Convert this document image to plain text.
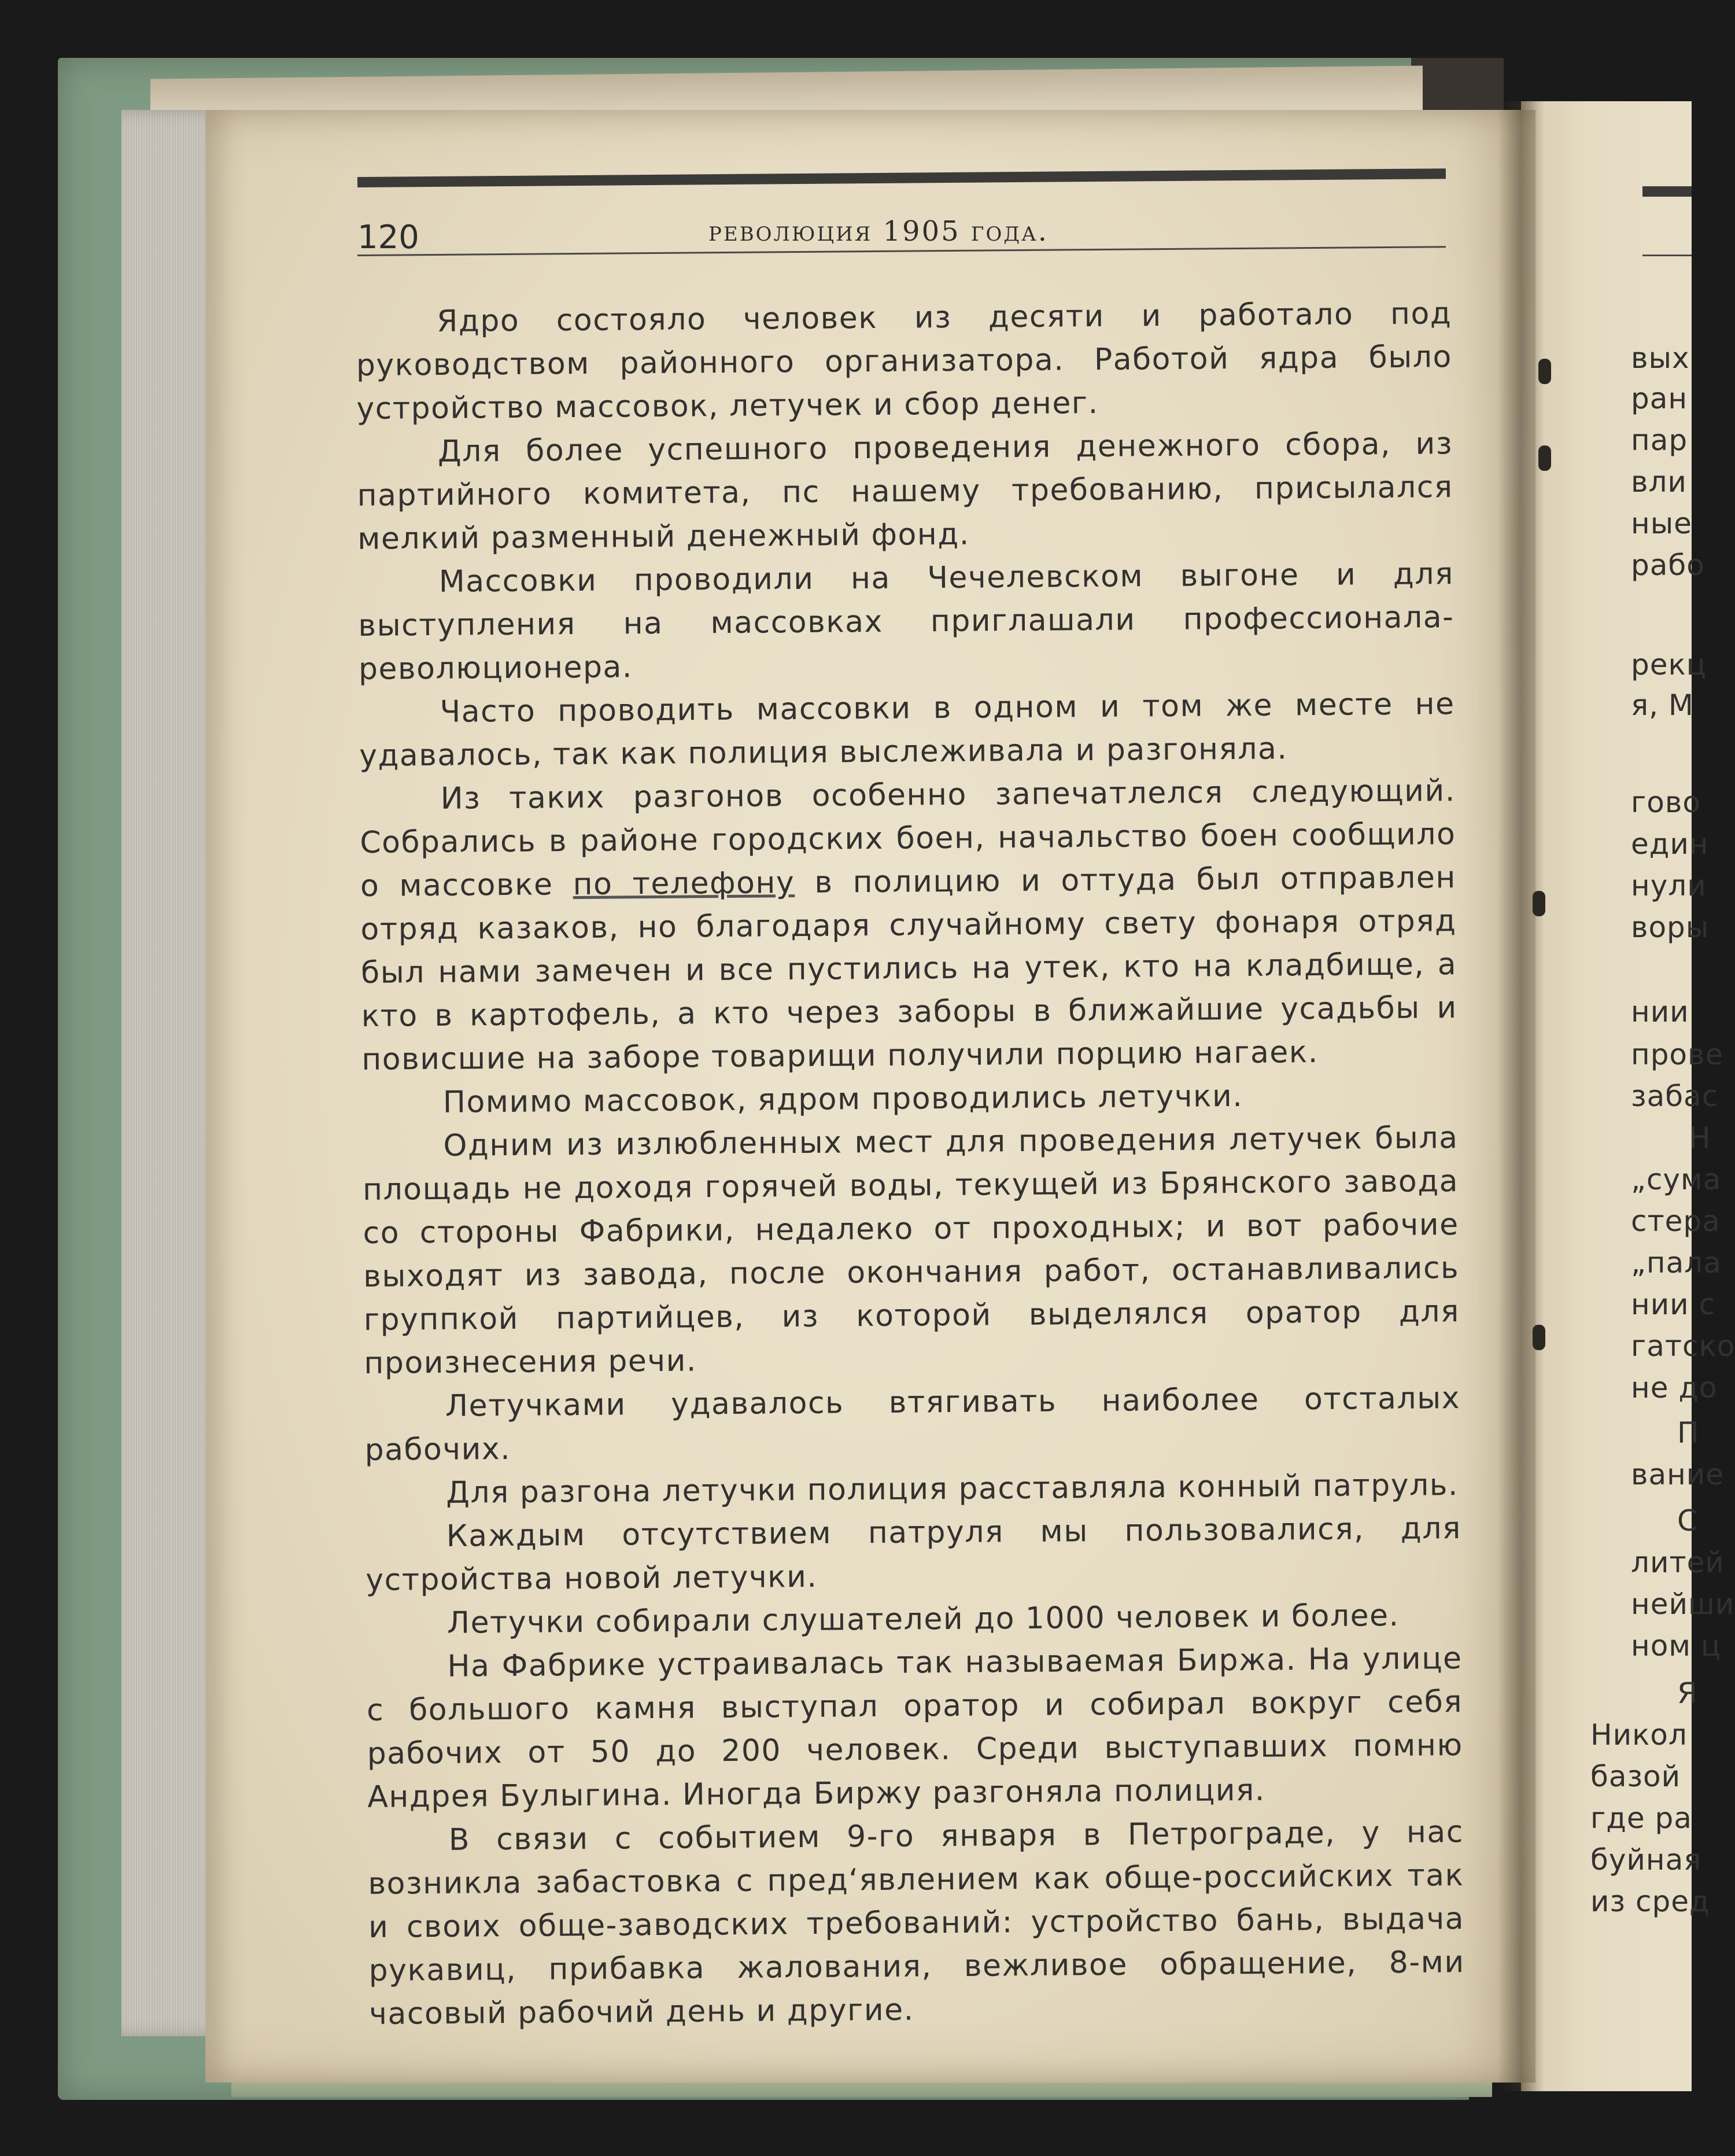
120	революция 1905 года.

Ядро состояло человек из десяти и работало под руководством районного организатора. Работой ядра было устройство массовок, летучек и сбор денег.

Для более успешного проведения денежного сбора, из партийного комитета, пс нашему требованию, присылался мелкий разменный денежный фонд.

Массовки проводили на Чечелевском выгоне и для выступления на массовках приглашали профессионала-революционера.

Часто проводить массовки в одном и том же месте не удавалось, так как полиция выслеживала и разгоняла.

Из таких разгонов особенно запечатлелся следующий. Собрались в районе городских боен, начальство боен сообщило о массовке по телефону в полицию и оттуда был отправлен отряд казаков, но благодаря случайному свету фонаря отряд был нами замечен и все пустились на утек, кто на кладбище, а кто в картофель, а кто через заборы в ближайшие усадьбы и повисшие на заборе товарищи получили порцию нагаек.

Помимо массовок, ядром проводились летучки.

Одним из излюбленных мест для проведения летучек была площадь не доходя горячей воды, текущей из Брянского завода со стороны Фабрики, недалеко от проходных; и вот рабочие выходят из завода, после окончания работ, останавливались группкой партийцев, из которой выделялся оратор для произнесения речи.

Летучками удавалось втягивать наиболее отсталых рабочих.

Для разгона летучки полиция расставляла конный патруль.

Каждым отсутствием патруля мы пользовалися, для устройства новой летучки.

Летучки собирали слушателей до 1000 человек и более.

На Фабрике устраивалась так называемая Биржа. На улице с большого камня выступал оратор и собирал вокруг себя рабочих от 50 до 200 человек. Среди выступавших помню Андрея Булыгина. Иногда Биржу разгоняла полиция.

В связи с событием 9-го января в Петрограде, у нас возникла забастовка с пред‘явлением как обще-российских так и своих обще-заводских требований: устройство бань, выдача рукавиц, прибавка жалования, вежливое обращение, 8-ми часовый рабочий день и другие.

вых
ран
пар
вли
ные
рабо
рекц
я, М
гово
един
нули
воры
нии
прове
забас
Н
„сума
стера
„пала
нии с
гатско
не до
П
вание
С
литей
нейши
ном ц
Я
Никол
базой
где ра
буйная
из сред
